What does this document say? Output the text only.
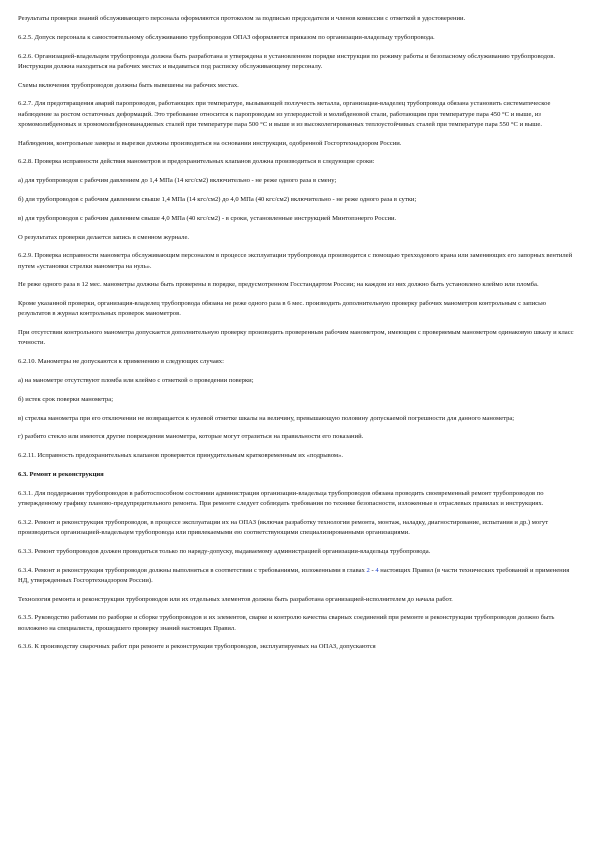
Результаты проверки знаний обслуживающего персонала оформляются протоколом за подписью председателя и членов комиссии с отметкой в удостоверении.

6.2.5. Допуск персонала к самостоятельному обслуживанию трубопроводов ОПАЗ оформляется приказом по организации-владельцу трубопровода.

6.2.6. Организацией-владельцем трубопровода должна быть разработана и утверждена в установленном порядке инструкция по режиму работы и безопасному обслуживанию трубопроводов. Инструкция должна находиться на рабочих местах и выдаваться под расписку обслуживающему персоналу.

Схемы включения трубопроводов должны быть вывешены на рабочих местах.

6.2.7. Для предотвращения аварий паропроводов, работающих при температуре, вызывающей ползучесть металла, организация-владелец трубопровода обязана установить систематическое наблюдение за ростом остаточных деформаций. Это требование относится к паропроводам из углеродистой и молибденовой стали, работающим при температуре пара 450 °С и выше, из хромомолибденовых и хромомолибденованадиевых сталей при температуре пара 500 °С и выше и из высоколегированных теплоустойчивых сталей при температуре пара 550 °С и выше.

Наблюдения, контрольные замеры и вырезки должны производиться на основании инструкции, одобренной Госгортехнадзором России.

6.2.8. Проверка исправности действия манометров и предохранительных клапанов должна производиться в следующие сроки:

а) для трубопроводов с рабочим давлением до 1,4 МПа (14 кгс/см2) включительно - не реже одного раза в смену;

б) для трубопроводов с рабочим давлением свыше 1,4 МПа (14 кгс/см2) до 4,0 МПа (40 кгс/см2) включительно - не реже одного раза в сутки;

в) для трубопроводов с рабочим давлением свыше 4,0 МПа (40 кгс/см2) - в сроки, установленные инструкцией Минтопэнерго России.

О результатах проверки делается запись в сменном журнале.

6.2.9. Проверка исправности манометра обслуживающим персоналом в процессе эксплуатации трубопровода производится с помощью трехходового крана или заменяющих его запорных вентилей путем «установки стрелки манометра на нуль».

Не реже одного раза в 12 мес. манометры должны быть проверены в порядке, предусмотренном Госстандартом России; на каждом из них должно быть установлено клеймо или пломба.

Кроме указанной проверки, организация-владелец трубопровода обязана не реже одного раза в 6 мес. производить дополнительную проверку рабочих манометров контрольным с записью результатов в журнал контрольных проверок манометров.

При отсутствии контрольного манометра допускается дополнительную проверку производить проверенным рабочим манометром, имеющим с проверяемым манометром одинаковую шкалу и класс точности.

6.2.10. Манометры не допускаются к применению в следующих случаях:

а) на манометре отсутствуют пломба или клеймо с отметкой о проведении поверки;

б) истек срок поверки манометра;

в) стрелка манометра при его отключении не возвращается к нулевой отметке шкалы на величину, превышающую половину допускаемой погрешности для данного манометра;

г) разбито стекло или имеются другие повреждения манометра, которые могут отразиться на правильности его показаний.

6.2.11. Исправность предохранительных клапанов проверяется принудительным кратковременным их «подрывом».

6.3. Ремонт и реконструкция

6.3.1. Для поддержания трубопроводов в работоспособном состоянии администрация организации-владельца трубопроводов обязана проводить своевременный ремонт трубопроводов по утвержденному графику планово-предупредительного ремонта. При ремонте следует соблюдать требования по технике безопасности, изложенные в отраслевых правилах и инструкциях.

6.3.2. Ремонт и реконструкция трубопроводов, в процессе эксплуатации их на ОПАЗ (включая разработку технологии ремонта, монтаж, наладку, диагностирование, испытания и др.) могут производиться организацией-владельцем трубопровода или привлекаемыми ею соответствующими специализированными организациями.

6.3.3. Ремонт трубопроводов должен проводиться только по наряду-допуску, выдаваемому администрацией организации-владельца трубопровода.

6.3.4. Ремонт и реконструкция трубопроводов должны выполняться в соответствии с требованиями, изложенными в главах 2 - 4 настоящих Правил (в части технических требований и применения НД, утвержденных Госгортехнадзором России).

Технология ремонта и реконструкции трубопроводов или их отдельных элементов должна быть разработана организацией-исполнителем до начала работ.

6.3.5. Руководство работами по разборке и сборке трубопроводов и их элементов, сварке и контролю качества сварных соединений при ремонте и реконструкции трубопроводов должно быть возложено на специалиста, прошедшего проверку знаний настоящих Правил.

6.3.6. К производству сварочных работ при ремонте и реконструкции трубопроводов, эксплуатируемых на ОПАЗ, допускаются
